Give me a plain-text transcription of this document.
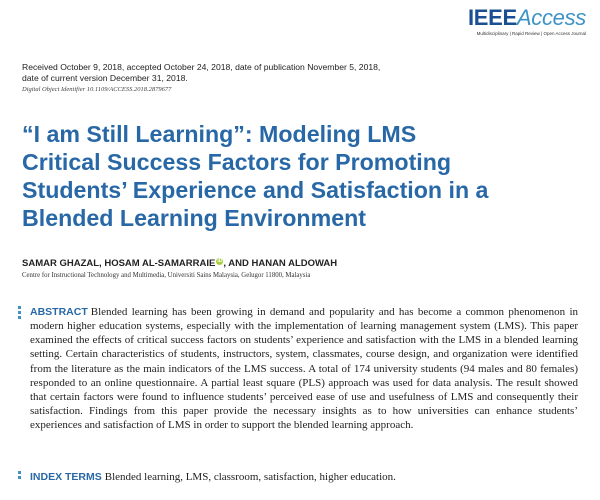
IEEEAccess
Multidisciplinary | Rapid Review | Open Access Journal
Received October 9, 2018, accepted October 24, 2018, date of publication November 5, 2018,
date of current version December 31, 2018.
Digital Object Identifier 10.1109/ACCESS.2018.2879677
“I am Still Learning”: Modeling LMS Critical Success Factors for Promoting Students’ Experience and Satisfaction in a Blended Learning Environment
SAMAR GHAZAL, HOSAM AL-SAMARRAIE iD, AND HANAN ALDOWAH
Centre for Instructional Technology and Multimedia, Universiti Sains Malaysia, Gelugor 11800, Malaysia
ABSTRACT Blended learning has been growing in demand and popularity and has become a common phenomenon in modern higher education systems, especially with the implementation of learning management system (LMS). This paper examined the effects of critical success factors on students’ experience and satisfaction with the LMS in a blended learning setting. Certain characteristics of students, instructors, system, classmates, course design, and organization were identified from the literature as the main indicators of the LMS success. A total of 174 university students (94 males and 80 females) responded to an online questionnaire. A partial least square (PLS) approach was used for data analysis. The result showed that certain factors were found to influence students’ perceived ease of use and usefulness of LMS and consequently their satisfaction. Findings from this paper provide the necessary insights as to how universities can enhance students’ experiences and satisfaction of LMS in order to support the blended learning approach.
INDEX TERMS Blended learning, LMS, classroom, satisfaction, higher education.
